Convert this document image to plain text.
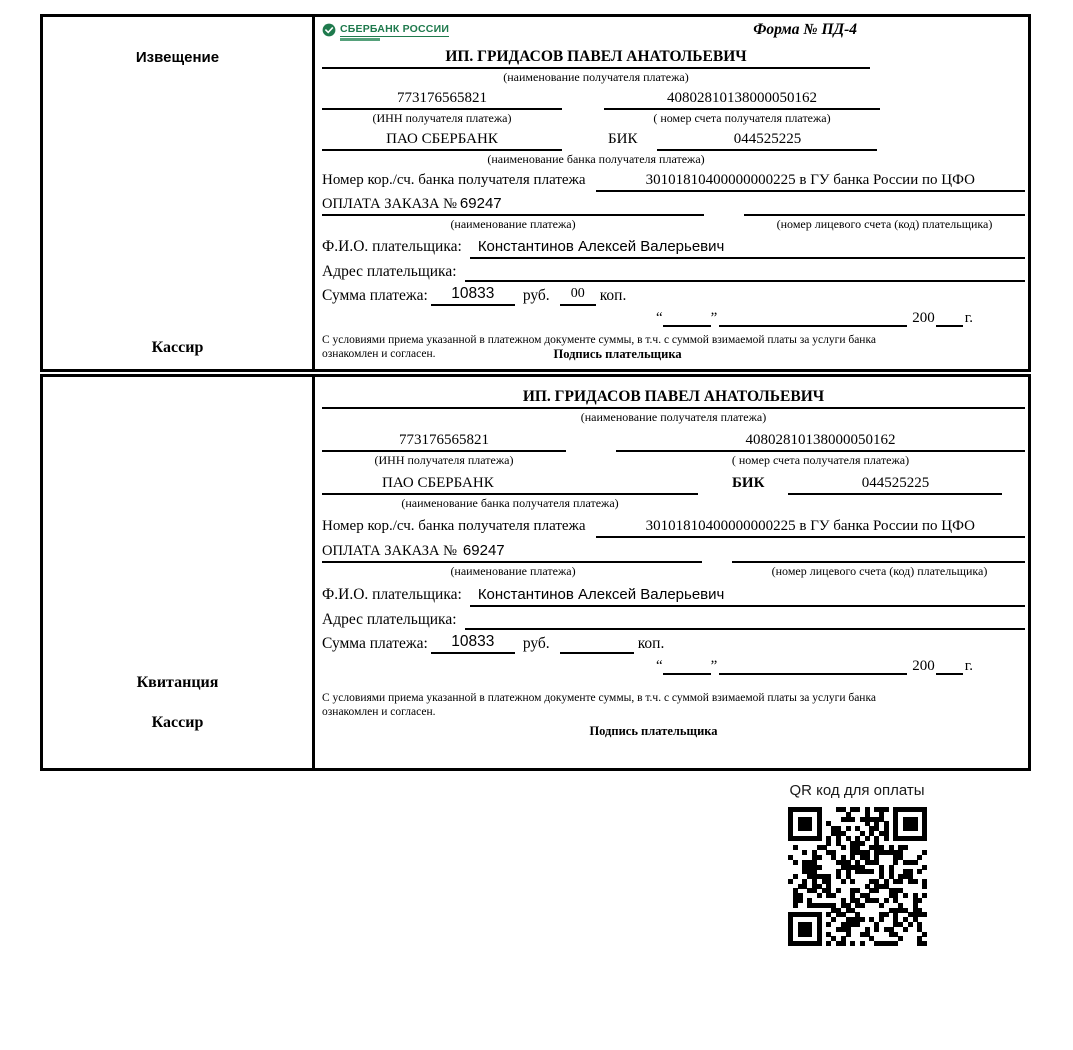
Извещение
Кассир
СБЕРБАНК РОССИИ	Форма № ПД-4
ИП. ГРИДАСОВ ПАВЕЛ АНАТОЛЬЕВИЧ
(наименование получателя платежа)
773176565821	40802810138000050162
(ИНН получателя платежа)	( номер счета получателя платежа)
ПАО СБЕРБАНК	БИК	044525225
(наименование банка получателя платежа)
Номер кор./сч. банка получателя платежа	30101810400000000225 в ГУ банка России по ЦФО
ОПЛАТА ЗАКАЗА № 69247
(наименование платежа)	(номер лицевого счета (код) плательщика)
Ф.И.О. плательщика:	Константинов Алексей Валерьевич
Адрес плательщика:
Сумма платежа:	10833	руб.	00 коп.
“	”	200 г.
С условиями приема указанной в платежном документе суммы, в т.ч. с суммой взимаемой платы за услуги банка
ознакомлен и согласен.	Подпись плательщика
Квитанция
Кассир
ИП. ГРИДАСОВ ПАВЕЛ АНАТОЛЬЕВИЧ
(наименование получателя платежа)
773176565821	40802810138000050162
(ИНН получателя платежа)	( номер счета получателя платежа)
ПАО СБЕРБАНК	БИК	044525225
(наименование банка получателя платежа)
Номер кор./сч. банка получателя платежа	30101810400000000225 в ГУ банка России по ЦФО
ОПЛАТА ЗАКАЗА № 69247
(наименование платежа)	(номер лицевого счета (код) плательщика)
Ф.И.О. плательщика:	Константинов Алексей Валерьевич
Адрес плательщика:
Сумма платежа:	10833	руб.	коп.
“	”	200 г.
С условиями приема указанной в платежном документе суммы, в т.ч. с суммой взимаемой платы за услуги банка
ознакомлен и согласен.
Подпись плательщика
QR код для оплаты
